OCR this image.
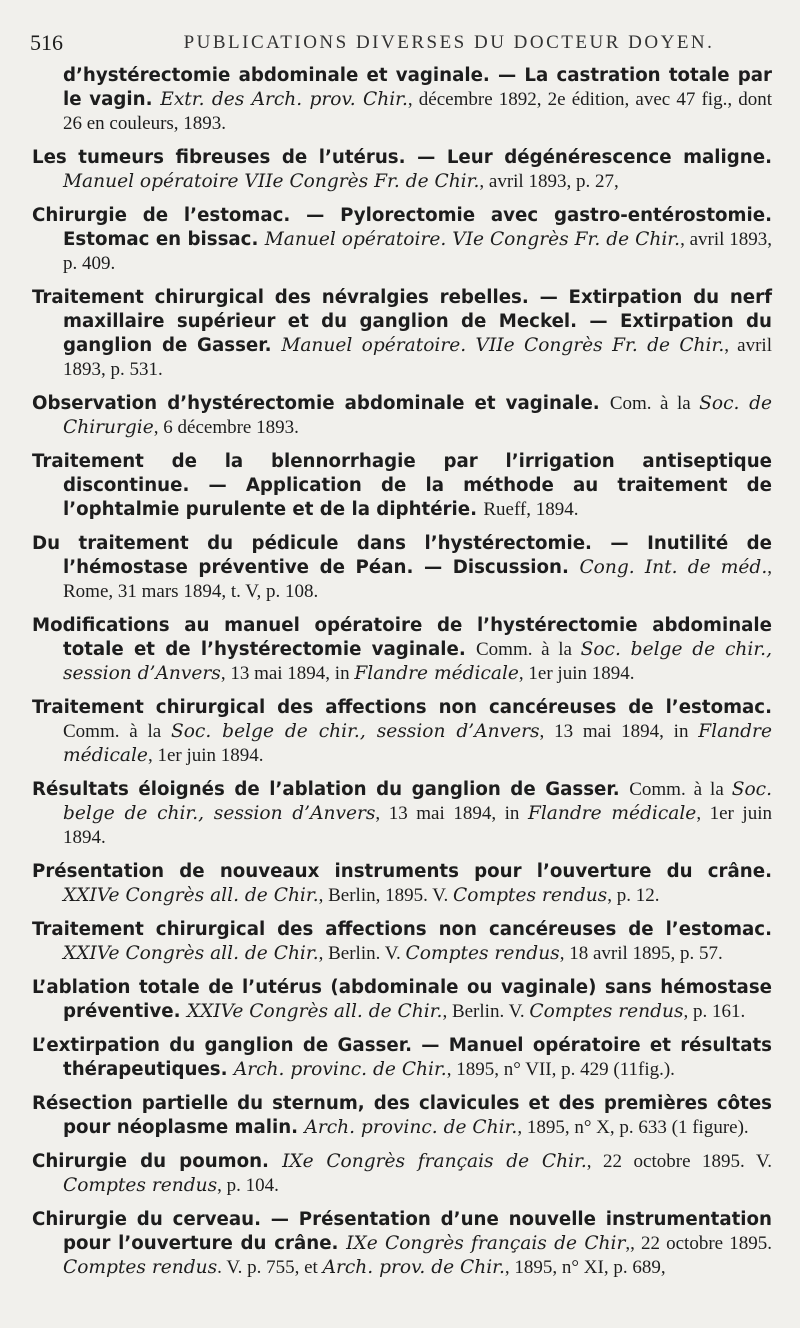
516	PUBLICATIONS DIVERSES DU DOCTEUR DOYEN.

d’hystérectomie abdominale et vaginale. — La castration totale par le vagin. Extr. des Arch. prov. Chir., décembre 1892, 2e édition, avec 47 fig., dont 26 en couleurs, 1893.

Les tumeurs fibreuses de l’utérus. — Leur dégénérescence maligne. Manuel opératoire VIIe Congrès Fr. de Chir., avril 1893, p. 27,

Chirurgie de l’estomac. — Pylorectomie avec gastro-entérostomie. Estomac en bissac. Manuel opératoire. VIe Congrès Fr. de Chir., avril 1893, p. 409.

Traitement chirurgical des névralgies rebelles. — Extirpation du nerf maxillaire supérieur et du ganglion de Meckel. — Extirpation du ganglion de Gasser. Manuel opératoire. VIIe Congrès Fr. de Chir., avril 1893, p. 531.

Observation d’hystérectomie abdominale et vaginale. Com. à la Soc. de Chirurgie, 6 décembre 1893.

Traitement de la blennorrhagie par l’irrigation antiseptique discontinue. — Application de la méthode au traitement de l’ophtalmie purulente et de la diphtérie. Rueff, 1894.

Du traitement du pédicule dans l’hystérectomie. — Inutilité de l’hémostase préventive de Péan. — Discussion. Cong. Int. de méd., Rome, 31 mars 1894, t. V, p. 108.

Modifications au manuel opératoire de l’hystérectomie abdominale totale et de l’hystérectomie vaginale. Comm. à la Soc. belge de chir., session d’Anvers, 13 mai 1894, in Flandre médicale, 1er juin 1894.

Traitement chirurgical des affections non cancéreuses de l’estomac. Comm. à la Soc. belge de chir., session d’Anvers, 13 mai 1894, in Flandre médicale, 1er juin 1894.

Résultats éloignés de l’ablation du ganglion de Gasser. Comm. à la Soc. belge de chir., session d’Anvers, 13 mai 1894, in Flandre médicale, 1er juin 1894.

Présentation de nouveaux instruments pour l’ouverture du crâne. XXIVe Congrès all. de Chir., Berlin, 1895. V. Comptes rendus, p. 12.

Traitement chirurgical des affections non cancéreuses de l’estomac. XXIVe Congrès all. de Chir., Berlin. V. Comptes rendus, 18 avril 1895, p. 57.

L’ablation totale de l’utérus (abdominale ou vaginale) sans hémostase préventive. XXIVe Congrès all. de Chir., Berlin. V. Comptes rendus, p. 161.

L’extirpation du ganglion de Gasser. — Manuel opératoire et résultats thérapeutiques. Arch. provinc. de Chir., 1895, n° VII, p. 429 (11fig.).

Résection partielle du sternum, des clavicules et des premières côtes pour néoplasme malin. Arch. provinc. de Chir., 1895, n° X, p. 633 (1 figure).

Chirurgie du poumon. IXe Congrès français de Chir., 22 octobre 1895. V. Comptes rendus, p. 104.

Chirurgie du cerveau. — Présentation d’une nouvelle instrumentation pour l’ouverture du crâne. IXe Congrès français de Chir,, 22 octobre 1895. Comptes rendus. V. p. 755, et Arch. prov. de Chir., 1895, n° XI, p. 689,
